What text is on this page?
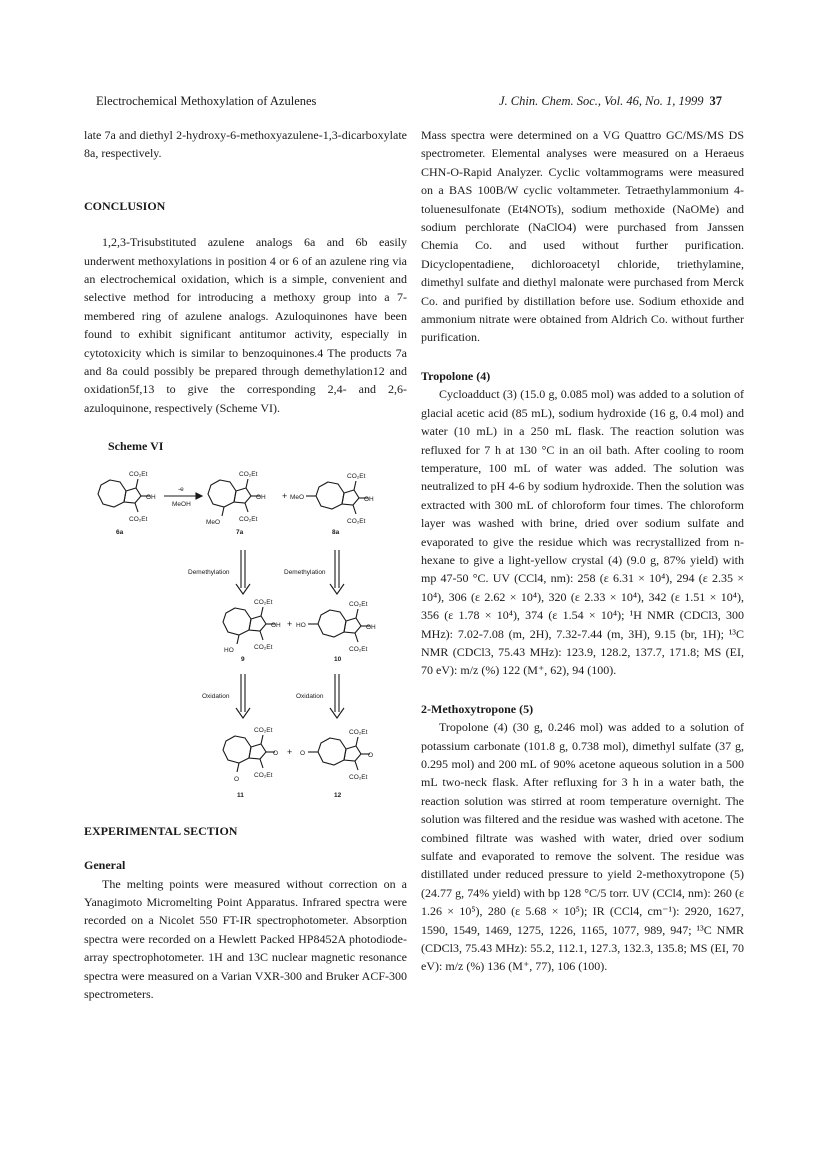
Electrochemical Methoxylation of Azulenes	J. Chin. Chem. Soc., Vol. 46, No. 1, 1999 37

late 7a and diethyl 2-hydroxy-6-methoxyazulene-1,3-dicarboxylate 8a, respectively.

CONCLUSION

1,2,3-Trisubstituted azulene analogs 6a and 6b easily underwent methoxylations in position 4 or 6 of an azulene ring via an electrochemical oxidation, which is a simple, convenient and selective method for introducing a methoxy group into a 7-membered ring of azulene analogs. Azuloquinones have been found to exhibit significant antitumor activity, especially in cytotoxicity which is similar to benzoquinones.4 The products 7a and 8a could possibly be prepared through demethylation12 and oxidation5f,13 to give the corresponding 2,4- and 2,6-azuloquinone, respectively (Scheme VI).

Scheme VI

CO₂Et
CO₂Et
OH
6a
-e
MeOH
CO₂Et
CO₂Et
OH
MeO
7a
+
CO₂Et
CO₂Et
OH
MeO
8a
Demethylation	Demethylation
CO₂Et
CO₂Et
OH
HO
9
+
CO₂Et
CO₂Et
OH
HO
10
Oxidation	Oxidation
CO₂Et
CO₂Et
O
O
11
+
CO₂Et
CO₂Et
O
O
12

EXPERIMENTAL SECTION

General

The melting points were measured without correction on a Yanagimoto Micromelting Point Apparatus. Infrared spectra were recorded on a Nicolet 550 FT-IR spectrophotometer. Absorption spectra were recorded on a Hewlett Packed HP8452A photodiode-array spectrophotometer. 1H and 13C nuclear magnetic resonance spectra were measured on a Varian VXR-300 and Bruker ACF-300 spectrometers.

Mass spectra were determined on a VG Quattro GC/MS/MS DS spectrometer. Elemental analyses were measured on a Heraeus CHN-O-Rapid Analyzer. Cyclic voltammograms were measured on a BAS 100B/W cyclic voltammeter. Tetraethylammonium 4-toluenesulfonate (Et4NOTs), sodium methoxide (NaOMe) and sodium perchlorate (NaClO4) were purchased from Janssen Chemia Co. and used without further purification. Dicyclopentadiene, dichloroacetyl chloride, triethylamine, dimethyl sulfate and diethyl malonate were purchased from Merck Co. and purified by distillation before use. Sodium ethoxide and ammonium nitrate were obtained from Aldrich Co. without further purification.

Tropolone (4)

Cycloadduct (3) (15.0 g, 0.085 mol) was added to a solution of glacial acetic acid (85 mL), sodium hydroxide (16 g, 0.4 mol) and water (10 mL) in a 250 mL flask. The reaction solution was refluxed for 7 h at 130 °C in an oil bath. After cooling to room temperature, 100 mL of water was added. The solution was neutralized to pH 4-6 by sodium hydroxide. Then the solution was extracted with 300 mL of chloroform four times. The chloroform layer was washed with brine, dried over sodium sulfate and evaporated to give the residue which was recrystallized from n-hexane to give a light-yellow crystal (4) (9.0 g, 87% yield) with mp 47-50 °C. UV (CCl4, nm): 258 (ε 6.31 × 10⁴), 294 (ε 2.35 × 10⁴), 306 (ε 2.62 × 10⁴), 320 (ε 2.33 × 10⁴), 342 (ε 1.51 × 10⁴), 356 (ε 1.78 × 10⁴), 374 (ε 1.54 × 10⁴); ¹H NMR (CDCl3, 300 MHz): 7.02-7.08 (m, 2H), 7.32-7.44 (m, 3H), 9.15 (br, 1H); ¹³C NMR (CDCl3, 75.43 MHz): 123.9, 128.2, 137.7, 171.8; MS (EI, 70 eV): m/z (%) 122 (M⁺, 62), 94 (100).

2-Methoxytropone (5)

Tropolone (4) (30 g, 0.246 mol) was added to a solution of potassium carbonate (101.8 g, 0.738 mol), dimethyl sulfate (37 g, 0.295 mol) and 200 mL of 90% acetone aqueous solution in a 500 mL two-neck flask. After refluxing for 3 h in a water bath, the reaction solution was stirred at room temperature overnight. The solution was filtered and the residue was washed with acetone. The combined filtrate was washed with water, dried over sodium sulfate and evaporated to remove the solvent. The residue was distillated under reduced pressure to yield 2-methoxytropone (5) (24.77 g, 74% yield) with bp 128 °C/5 torr. UV (CCl4, nm): 260 (ε 1.26 × 10⁵), 280 (ε 5.68 × 10⁵); IR (CCl4, cm⁻¹): 2920, 1627, 1590, 1549, 1469, 1275, 1226, 1165, 1077, 989, 947; ¹³C NMR (CDCl3, 75.43 MHz): 55.2, 112.1, 127.3, 132.3, 135.8; MS (EI, 70 eV): m/z (%) 136 (M⁺, 77), 106 (100).
